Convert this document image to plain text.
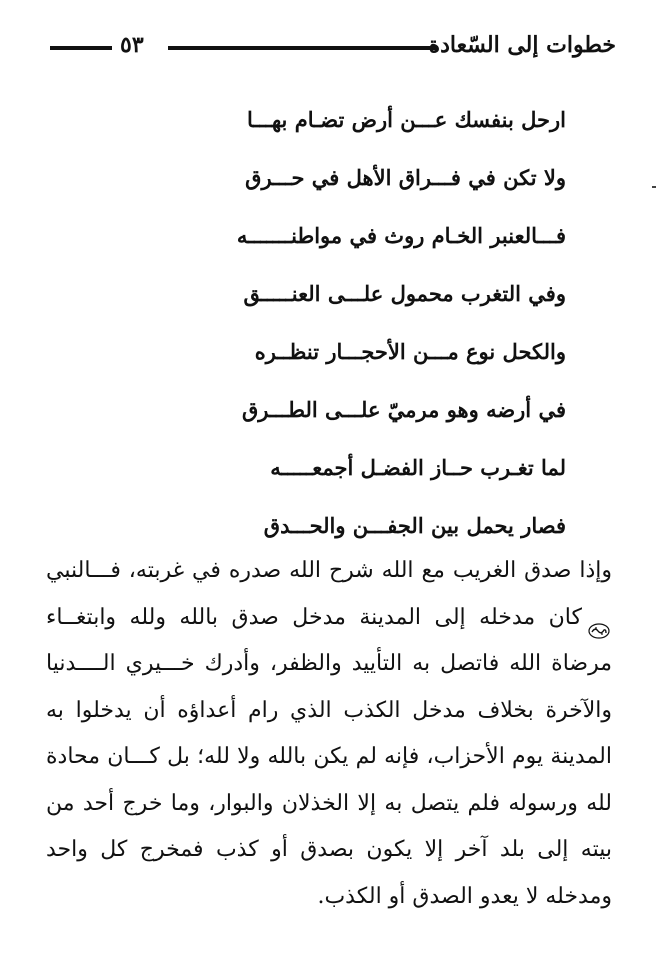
٥٣	خطوات إلى السّعادة
ارحل بنفسك عـــن أرض تضـام بهـــا
ولا تكن في فـــراق الأهل في حـــرق
فـــالعنبر الخـام روث في مواطنـــــــه
وفي التغرب محمول علـــى العنـــــق
والكحل نوع مـــن الأحجـــار تنظــره
في أرضه وهو مرميّ علـــى الطـــرق
لما تغـرب حــاز الفضـل أجمعـــــه
فصار يحمل بين الجفـــن والحـــدق
وإذا صدق الغريب مع الله شرح الله صدره في غربته، فـــالنبيكان مدخله إلى المدينة مدخل صدق بالله ولله وابتغــاء مرضاة الله فاتصل به التأييد والظفر، وأدرك خـــيري الــــدنيا والآخرة بخلاف مدخل الكذب الذي رام أعداؤه أن يدخلوا به المدينة يوم الأحزاب، فإنه لم يكن بالله ولا لله؛ بل كـــان محادة لله ورسوله فلم يتصل به إلا الخذلان والبوار، وما خرج أحد من بيته إلى بلد آخر إلا يكون بصدق أو كذب فمخرج كل واحد ومدخله لا يعدو الصدق أو الكذب.
